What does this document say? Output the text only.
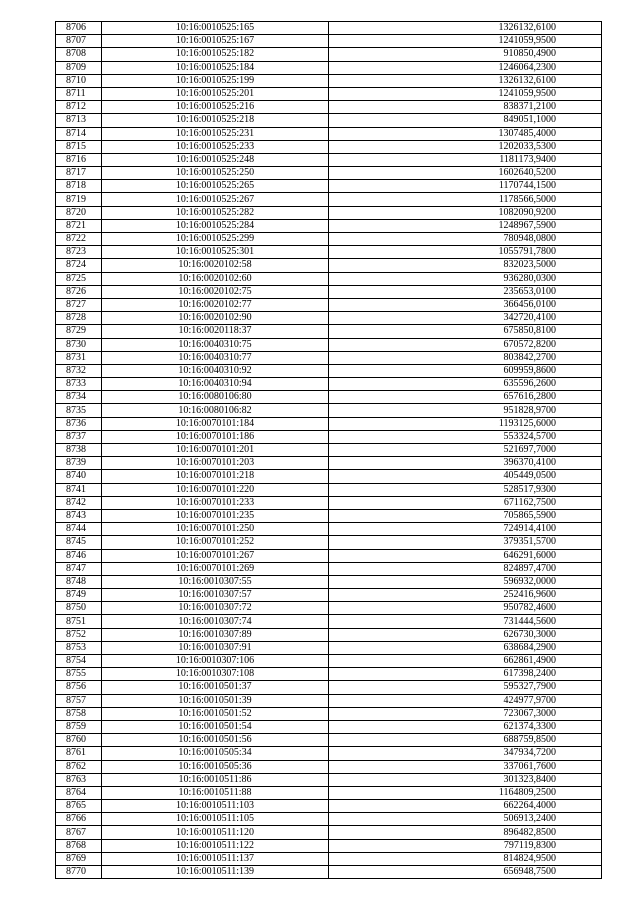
8706	10:16:0010525:165	1326132,6100
8707	10:16:0010525:167	1241059,9500
8708	10:16:0010525:182	910850,4900
8709	10:16:0010525:184	1246064,2300
8710	10:16:0010525:199	1326132,6100
8711	10:16:0010525:201	1241059,9500
8712	10:16:0010525:216	838371,2100
8713	10:16:0010525:218	849051,1000
8714	10:16:0010525:231	1307485,4000
8715	10:16:0010525:233	1202033,5300
8716	10:16:0010525:248	1181173,9400
8717	10:16:0010525:250	1602640,5200
8718	10:16:0010525:265	1170744,1500
8719	10:16:0010525:267	1178566,5000
8720	10:16:0010525:282	1082090,9200
8721	10:16:0010525:284	1248967,5900
8722	10:16:0010525:299	780948,0800
8723	10:16:0010525:301	1055791,7800
8724	10:16:0020102:58	832023,5000
8725	10:16:0020102:60	936280,0300
8726	10:16:0020102:75	235653,0100
8727	10:16:0020102:77	366456,0100
8728	10:16:0020102:90	342720,4100
8729	10:16:0020118:37	675850,8100
8730	10:16:0040310:75	670572,8200
8731	10:16:0040310:77	803842,2700
8732	10:16:0040310:92	609959,8600
8733	10:16:0040310:94	635596,2600
8734	10:16:0080106:80	657616,2800
8735	10:16:0080106:82	951828,9700
8736	10:16:0070101:184	1193125,6000
8737	10:16:0070101:186	553324,5700
8738	10:16:0070101:201	521697,7000
8739	10:16:0070101:203	396370,4100
8740	10:16:0070101:218	405449,0500
8741	10:16:0070101:220	528517,9300
8742	10:16:0070101:233	671162,7500
8743	10:16:0070101:235	705865,5900
8744	10:16:0070101:250	724914,4100
8745	10:16:0070101:252	379351,5700
8746	10:16:0070101:267	646291,6000
8747	10:16:0070101:269	824897,4700
8748	10:16:0010307:55	596932,0000
8749	10:16:0010307:57	252416,9600
8750	10:16:0010307:72	950782,4600
8751	10:16:0010307:74	731444,5600
8752	10:16:0010307:89	626730,3000
8753	10:16:0010307:91	638684,2900
8754	10:16:0010307:106	662861,4900
8755	10:16:0010307:108	617398,2400
8756	10:16:0010501:37	595327,7900
8757	10:16:0010501:39	424977,9700
8758	10:16:0010501:52	723067,3000
8759	10:16:0010501:54	621374,3300
8760	10:16:0010501:56	688759,8500
8761	10:16:0010505:34	347934,7200
8762	10:16:0010505:36	337061,7600
8763	10:16:0010511:86	301323,8400
8764	10:16:0010511:88	1164809,2500
8765	10:16:0010511:103	662264,4000
8766	10:16:0010511:105	506913,2400
8767	10:16:0010511:120	896482,8500
8768	10:16:0010511:122	797119,8300
8769	10:16:0010511:137	814824,9500
8770	10:16:0010511:139	656948,7500
